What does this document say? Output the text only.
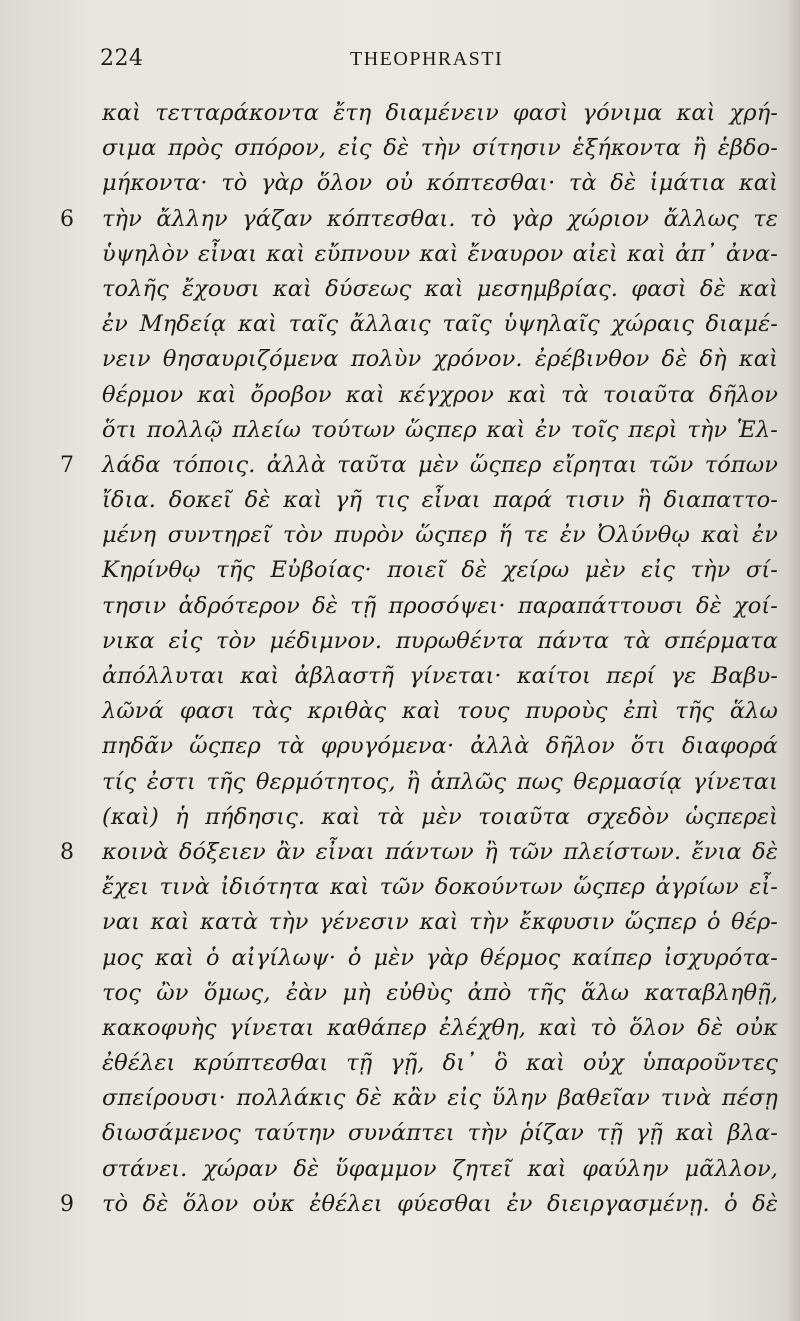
224	THEOPHRASTI
καὶ τετταράκοντα ἔτη διαμένειν φασὶ γόνιμα καὶ χρή-
σιμα πρὸς σπόρον, εἰς δὲ τὴν σίτησιν ἑξήκοντα ἢ ἑβδο-
μήκοντα· τὸ γὰρ ὅλον οὐ κόπτεσθαι· τὰ δὲ ἱμάτια καὶ
6	τὴν ἄλλην γάζαν κόπτεσθαι. τὸ γὰρ χώριον ἄλλως τε
ὑψηλὸν εἶναι καὶ εὔπνουν καὶ ἔναυρον αἰεὶ καὶ ἀπ᾽ ἀνα-
τολῆς ἔχουσι καὶ δύσεως καὶ μεσημβρίας. φασὶ δὲ καὶ
ἐν Μηδείᾳ καὶ ταῖς ἄλλαις ταῖς ὑψηλαῖς χώραις διαμέ-
νειν θησαυριζόμενα πολὺν χρόνον. ἐρέβινθον δὲ δὴ καὶ
θέρμον καὶ ὄροβον καὶ κέγχρον καὶ τὰ τοιαῦτα δῆλον
ὅτι πολλῷ πλείω τούτων ὥςπερ καὶ ἐν τοῖς περὶ τὴν Ἑλ-
7	λάδα τόποις. ἀλλὰ ταῦτα μὲν ὥςπερ εἴρηται τῶν τόπων
ἴδια. δοκεῖ δὲ καὶ γῆ τις εἶναι παρά τισιν ἣ διαπαττο-
μένη συντηρεῖ τὸν πυρὸν ὥςπερ ἥ τε ἐν Ὀλύνθῳ καὶ ἐν
Κηρίνθῳ τῆς Εὐβοίας· ποιεῖ δὲ χείρω μὲν εἰς τὴν σί-
τησιν ἁδρότερον δὲ τῇ προσόψει· παραπάττουσι δὲ χοί-
νικα εἰς τὸν μέδιμνον. πυρωθέντα πάντα τὰ σπέρματα
ἀπόλλυται καὶ ἀβλαστῆ γίνεται· καίτοι περί γε Βαβυ-
λῶνά φασι τὰς κριθὰς καὶ τους πυροὺς ἐπὶ τῆς ἅλω
πηδᾶν ὥςπερ τὰ φρυγόμενα· ἀλλὰ δῆλον ὅτι διαφορά
τίς ἐστι τῆς θερμότητος, ἢ ἁπλῶς πως θερμασίᾳ γίνεται
(καὶ) ἡ πήδησις. καὶ τὰ μὲν τοιαῦτα σχεδὸν ὡςπερεὶ
8	κοινὰ δόξειεν ἂν εἶναι πάντων ἢ τῶν πλείστων. ἔνια δὲ
ἔχει τινὰ ἰδιότητα καὶ τῶν δοκούντων ὥςπερ ἀγρίων εἶ-
ναι καὶ κατὰ τὴν γένεσιν καὶ τὴν ἔκφυσιν ὥςπερ ὁ θέρ-
μος καὶ ὁ αἰγίλωψ· ὁ μὲν γὰρ θέρμος καίπερ ἰσχυρότα-
τος ὢν ὅμως, ἐὰν μὴ εὐθὺς ἀπὸ τῆς ἅλω καταβληθῇ,
κακοφυὴς γίνεται καθάπερ ἐλέχθη, καὶ τὸ ὅλον δὲ οὐκ
ἐθέλει κρύπτεσθαι τῇ γῇ, δι᾽ ὃ καὶ οὐχ ὑπαροῦντες
σπείρουσι· πολλάκις δὲ κἂν εἰς ὕλην βαθεῖαν τινὰ πέσῃ
διωσάμενος ταύτην συνάπτει τὴν ῥίζαν τῇ γῇ καὶ βλα-
στάνει. χώραν δὲ ὕφαμμον ζητεῖ καὶ φαύλην μᾶλλον,
9	τὸ δὲ ὅλον οὐκ ἐθέλει φύεσθαι ἐν διειργασμένῃ. ὁ δὲ
